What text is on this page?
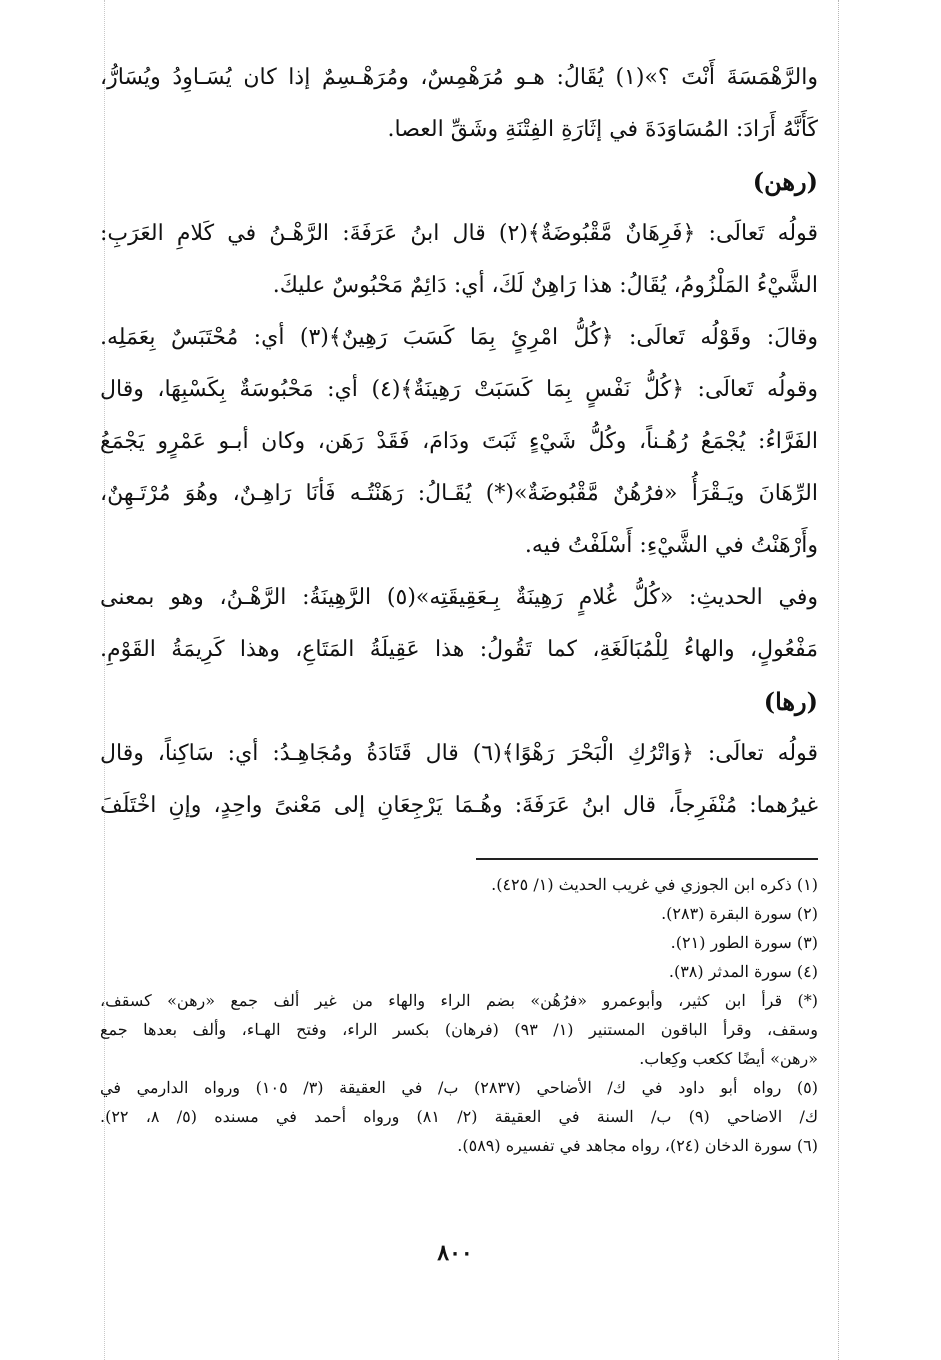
والرَّهْمَسَةَ أَنْتَ ؟»(١) يُقَالُ: هـو مُرَهْمِسٌ، ومُرَهْـسِمٌ إذا كان يُسَـاوِدُ ويُسَارُّ،
كَأَنَّهُ أَرَادَ: المُسَاوَدَةَ في إثَارَةِ الفِتْنَةِ وشَقِّ العصا.
(رهن)
قولُه تَعالَى: ﴿فَرِهَانٌ مَّقْبُوضَةٌ﴾(٢) قال ابنُ عَرَفَةَ: الرَّهْـنُ في كَلامِ العَرَبِ:
الشَّيْءُ المَلْزُومُ، يُقَالُ: هذا رَاهِنٌ لَكَ، أي: دَائِمٌ مَحْبُوسٌ عليكَ.
وقالَ: وقَوْلُه تَعالَى: ﴿كُلُّ امْرِئٍ بِمَا كَسَبَ رَهِينٌ﴾(٣) أي: مُحْتَبَسٌ بِعَمَلِه.
وقولُه تَعالَى: ﴿كُلُّ نَفْسٍ بِمَا كَسَبَتْ رَهِينَةٌ﴾(٤) أي: مَحْبُوسَةٌ بِكَسْبِهَا، وقال
الفَرَّاءُ: يُجْمَعُ رُهُـناً، وكُلُّ شَيْءٍ ثَبَتَ ودَامَ، فَقَدْ رَهَن، وكان أبـو عَمْرٍو يَجْمَعُ
الرِّهَانَ ويَـقْرَأُ «فرُهُنٌ مَّقْبُوضَةٌ»(*) يُقَـالُ: رَهَنْتُـه فَأنَا رَاهِـنٌ، وهُوَ مُرْتَـهِنٌ،
وأَرْهَنْتُ في الشَّيْءِ: أَسْلَفْتُ فيه.
وفي الحديثِ: «كُلُّ غُلامٍ رَهِينَةٌ بِـعَقِيقَتِه»(٥) الرَّهِينَةُ: الرَّهْـنُ، وهو بمعنى
مَفْعُولٍ، والهاءُ لِلْمُبَالَغَةِ، كما تَقُولُ: هذا عَقِيلَةُ المَتَاعِ، وهذا كَرِيمَةُ القَوْمِ.
(رها)
قولُه تعالَى: ﴿وَاتْرُكِ الْبَحْرَ رَهْوًا﴾(٦) قال قَتَادَةُ ومُجَاهِـدُ: أي: سَاكِناً، وقال
غيرُهما: مُنْفَرِجاً، قال ابنُ عَرَفَةَ: وهُـمَا يَرْجِعَانِ إلى مَعْنىً واحِدٍ، وإنِ اخْتَلَفَ
(١) ذكره ابن الجوزي في غريب الحديث (١/ ٤٢٥).
(٢) سورة البقرة (٢٨٣).
(٣) سورة الطور (٢١).
(٤) سورة المدثر (٣٨).
(*) قرأ ابن كثير، وأبوعمرو «فرُهُن» بضم الراء والهاء من غير ألف جمع «رهن» كسقف،
وسقف، وقرأ الباقون المستنير (١/ ٩٣) (فرهان) بكسر الراء، وفتح الهـاء، وألف بعدها جمع
«رهن» أيضًا ككعب وكِعاب.
(٥) رواه أبو داود في ك/ الأضاحي (٢٨٣٧) ب/ في العقيقة (٣/ ١٠٥) ورواه الدارمي في
ك/ الاضاحي (٩) ب/ السنة في العقيقة (٢/ ٨١) ورواه أحمد في مسنده (٥/ ٨، ٢٢).
(٦) سورة الدخان (٢٤)، رواه مجاهد في تفسيره (٥٨٩).
٨٠٠
